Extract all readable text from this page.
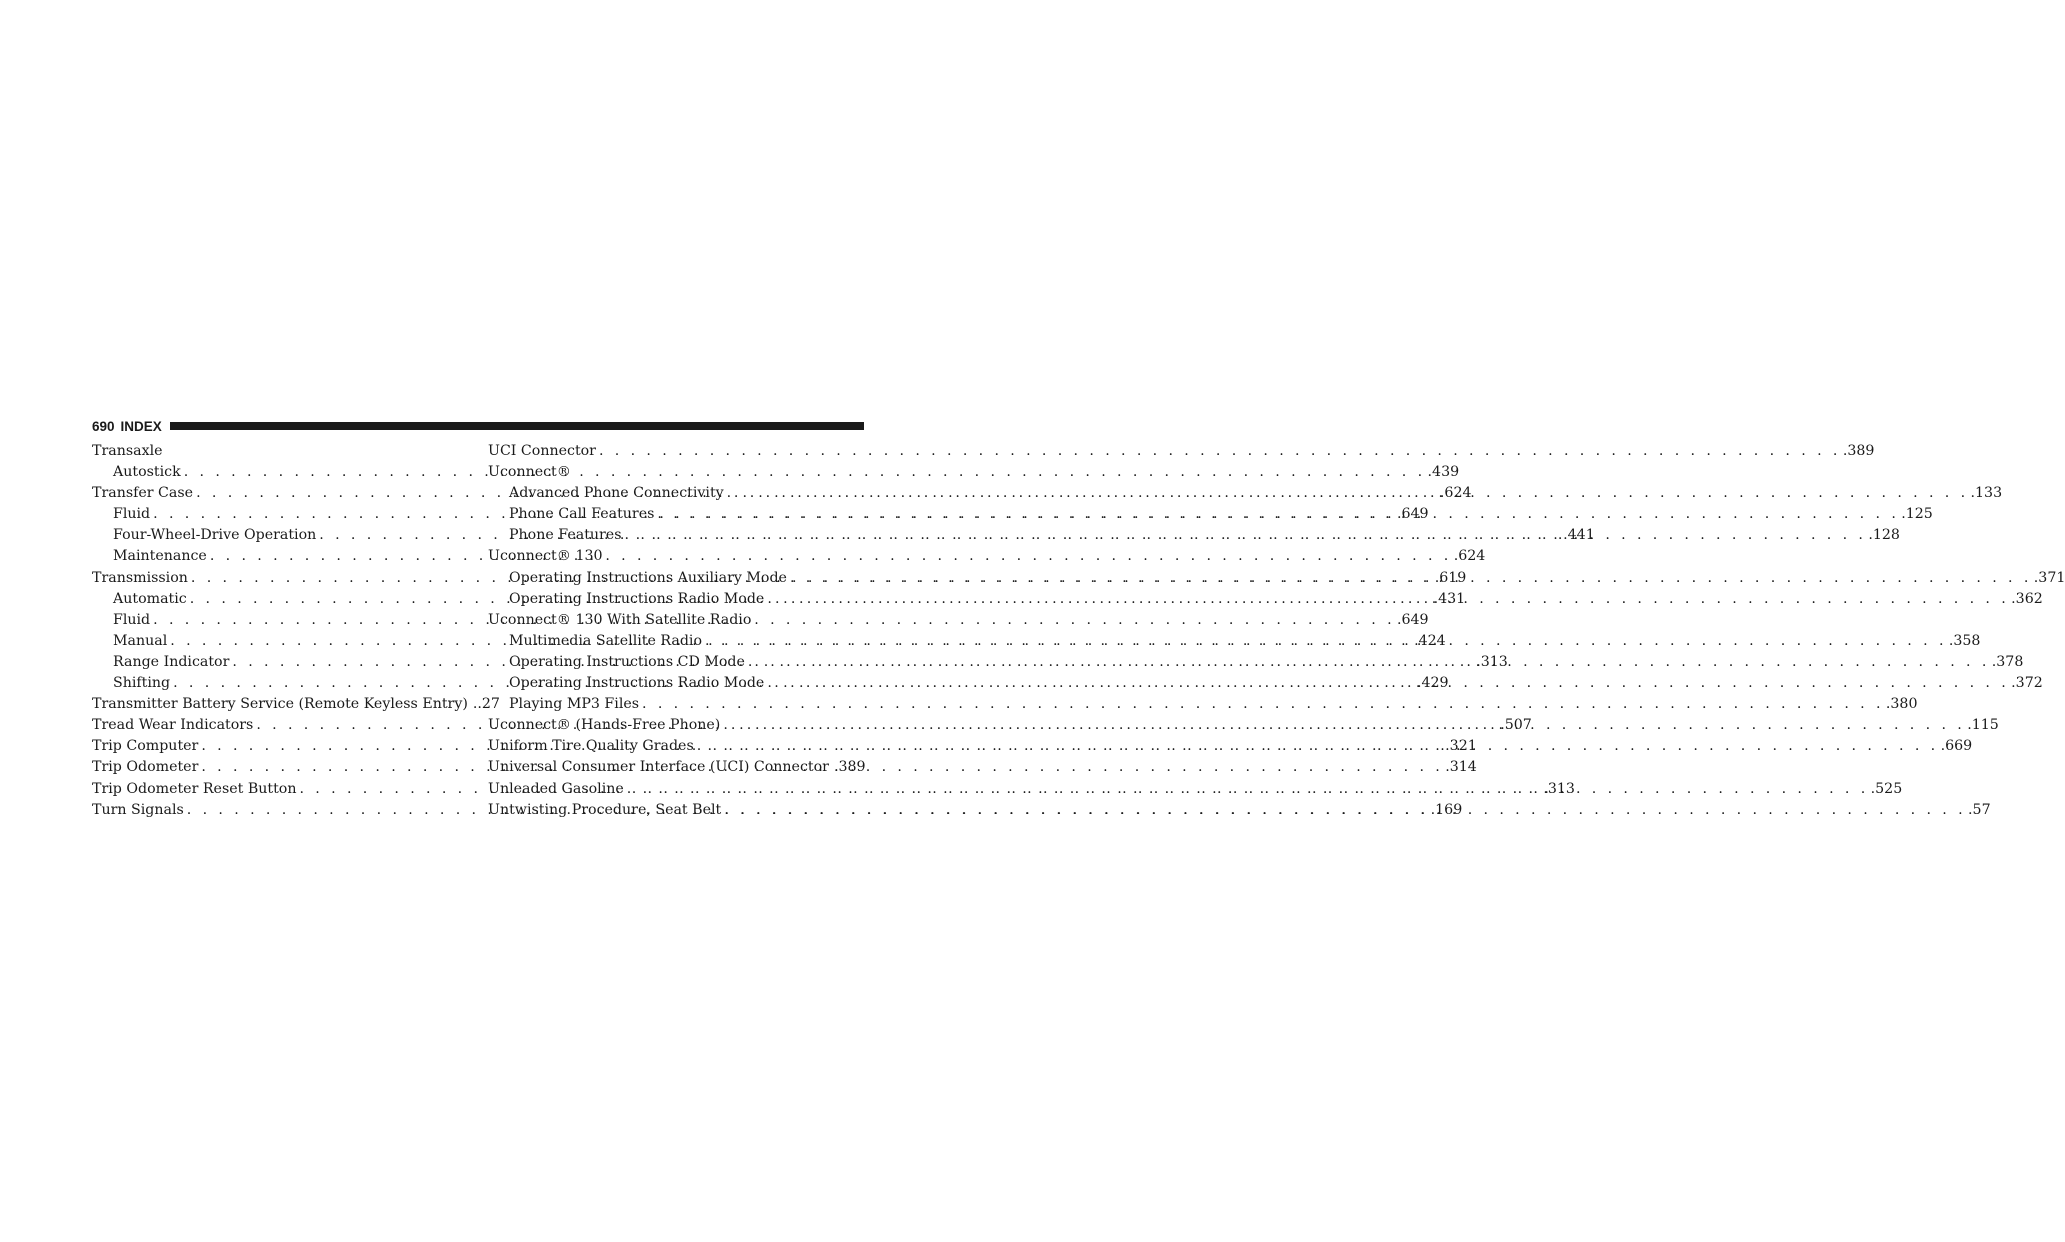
690 INDEX
Transaxle
Autostick . . .	.439
Transfer Case . . .	.624
Fluid . . .	.649
Four-Wheel-Drive Operation . . .	.441
Maintenance . . .	.624
Transmission . . .	.619
Automatic . . .	.431
Fluid . . .	.649
Manual . . .	.424
Range Indicator . . .	.313
Shifting . . .	.429
Transmitter Battery Service (Remote Keyless Entry) ..27
Tread Wear Indicators . . .	.507
Trip Computer . . .	.321
Trip Odometer . . .	.314
Trip Odometer Reset Button . . .	.313
Turn Signals . . .	.169
UCI Connector . . .	.389
Uconnect®
Advanced Phone Connectivity . . .	.133
Phone Call Features . . .	.125
Phone Features . . .	.128
Uconnect® 130
Operating Instructions Auxiliary Mode . . .	.371
Operating Instructions Radio Mode . . .	.362
Uconnect® 130 With Satellite Radio
Multimedia Satellite Radio . . .	.358
Operating Instructions CD Mode . . .	.378
Operating Instructions Radio Mode . . .	.372
Playing MP3 Files . . .	.380
Uconnect® (Hands-Free Phone) . . .	.115
Uniform Tire Quality Grades . . .	.669
Universal Consumer Interface (UCI) Connector .389
Unleaded Gasoline . . .	.525
Untwisting Procedure, Seat Belt . . .	.57
